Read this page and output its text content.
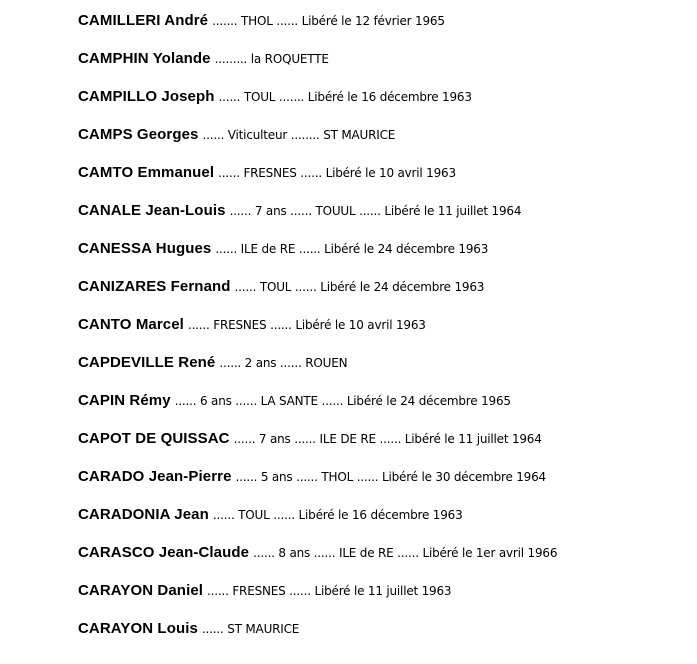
CAMILLERI André ....... THOL ...... Libéré le 12 février 1965
CAMPHIN Yolande ......... la ROQUETTE
CAMPILLO Joseph ...... TOUL ....... Libéré le 16 décembre 1963
CAMPS Georges ...... Viticulteur ........ ST MAURICE
CAMTO Emmanuel ...... FRESNES ...... Libéré le 10 avril 1963
CANALE Jean-Louis ...... 7 ans ...... TOUUL ...... Libéré le 11 juillet 1964
CANESSA Hugues ...... ILE de RE ...... Libéré le 24 décembre 1963
CANIZARES Fernand ...... TOUL ...... Libéré le 24 décembre 1963
CANTO Marcel ...... FRESNES ...... Libéré le 10 avril 1963
CAPDEVILLE René ...... 2 ans ...... ROUEN
CAPIN Rémy ...... 6 ans ...... LA SANTE ...... Libéré le 24 décembre 1965
CAPOT DE QUISSAC ...... 7 ans ...... ILE DE RE ...... Libéré le 11 juillet 1964
CARADO Jean-Pierre ...... 5 ans ...... THOL ...... Libéré le 30 décembre 1964
CARADONIA Jean ...... TOUL ...... Libéré le 16 décembre 1963
CARASCO Jean-Claude ...... 8 ans ...... ILE de RE ...... Libéré le 1er avril 1966
CARAYON Daniel ...... FRESNES ...... Libéré le 11 juillet 1963
CARAYON Louis ...... ST MAURICE
